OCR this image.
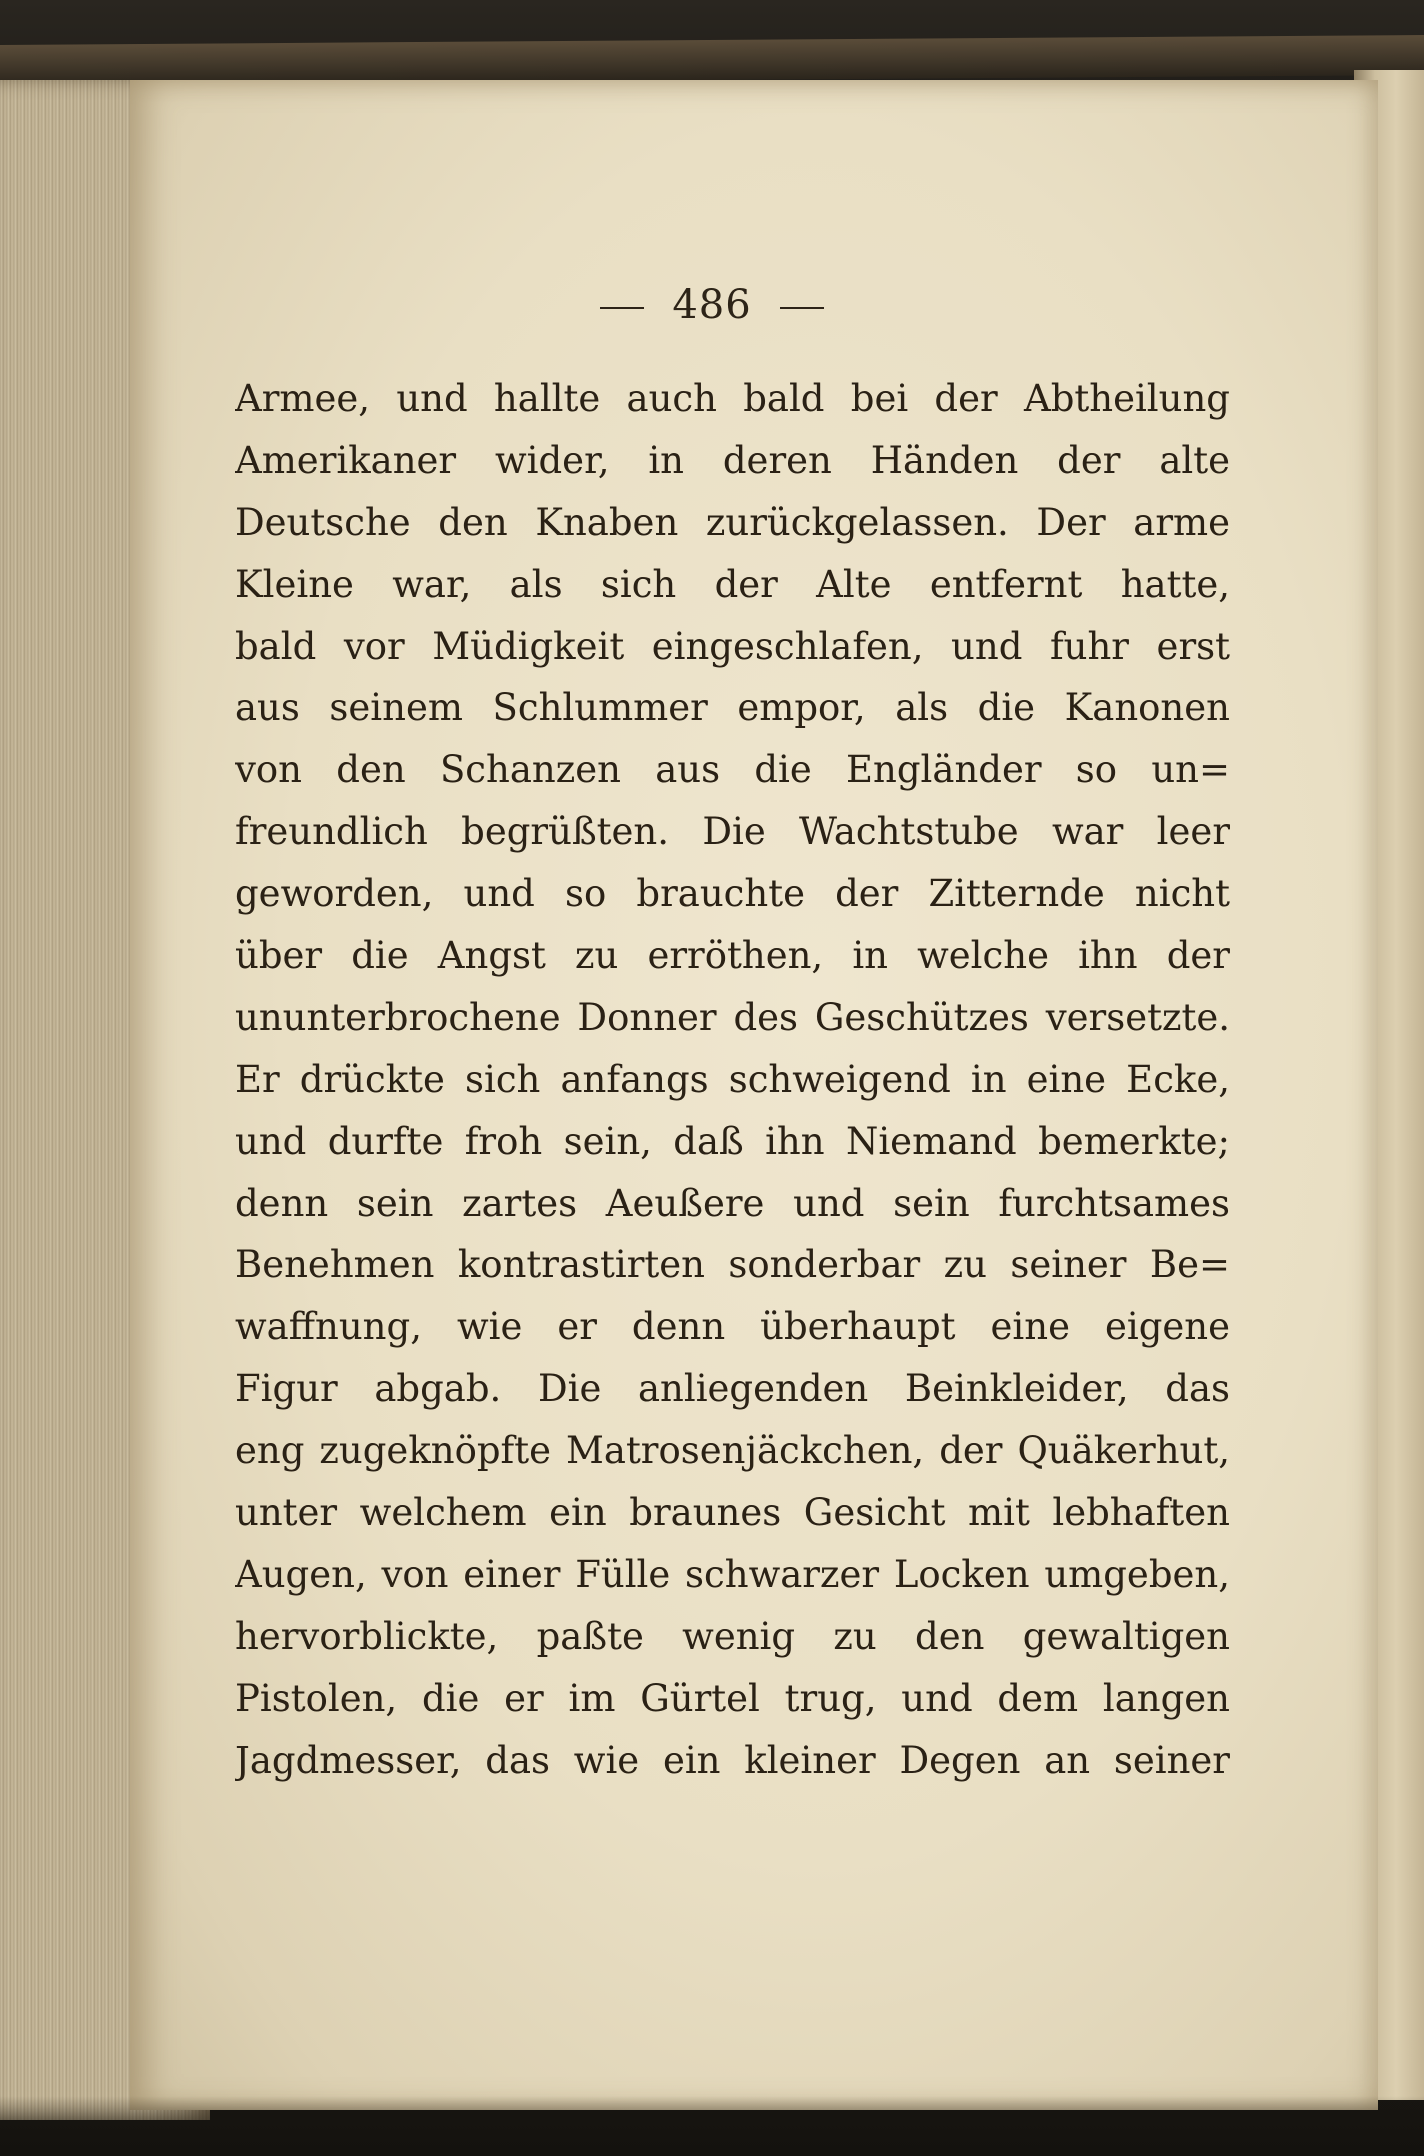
486
Armee, und hallte auch bald bei der Abtheilung
Amerikaner wider, in deren Händen der alte
Deutsche den Knaben zurückgelassen. Der arme
Kleine war, als sich der Alte entfernt hatte,
bald vor Müdigkeit eingeschlafen, und fuhr erst
aus seinem Schlummer empor, als die Kanonen
von den Schanzen aus die Engländer so un=
freundlich begrüßten. Die Wachtstube war leer
geworden, und so brauchte der Zitternde nicht
über die Angst zu erröthen, in welche ihn der
ununterbrochene Donner des Geschützes versetzte.
Er drückte sich anfangs schweigend in eine Ecke,
und durfte froh sein, daß ihn Niemand bemerkte;
denn sein zartes Aeußere und sein furchtsames
Benehmen kontrastirten sonderbar zu seiner Be=
waffnung, wie er denn überhaupt eine eigene
Figur abgab. Die anliegenden Beinkleider, das
eng zugeknöpfte Matrosenjäckchen, der Quäkerhut,
unter welchem ein braunes Gesicht mit lebhaften
Augen, von einer Fülle schwarzer Locken umgeben,
hervorblickte, paßte wenig zu den gewaltigen
Pistolen, die er im Gürtel trug, und dem langen
Jagdmesser, das wie ein kleiner Degen an seiner
